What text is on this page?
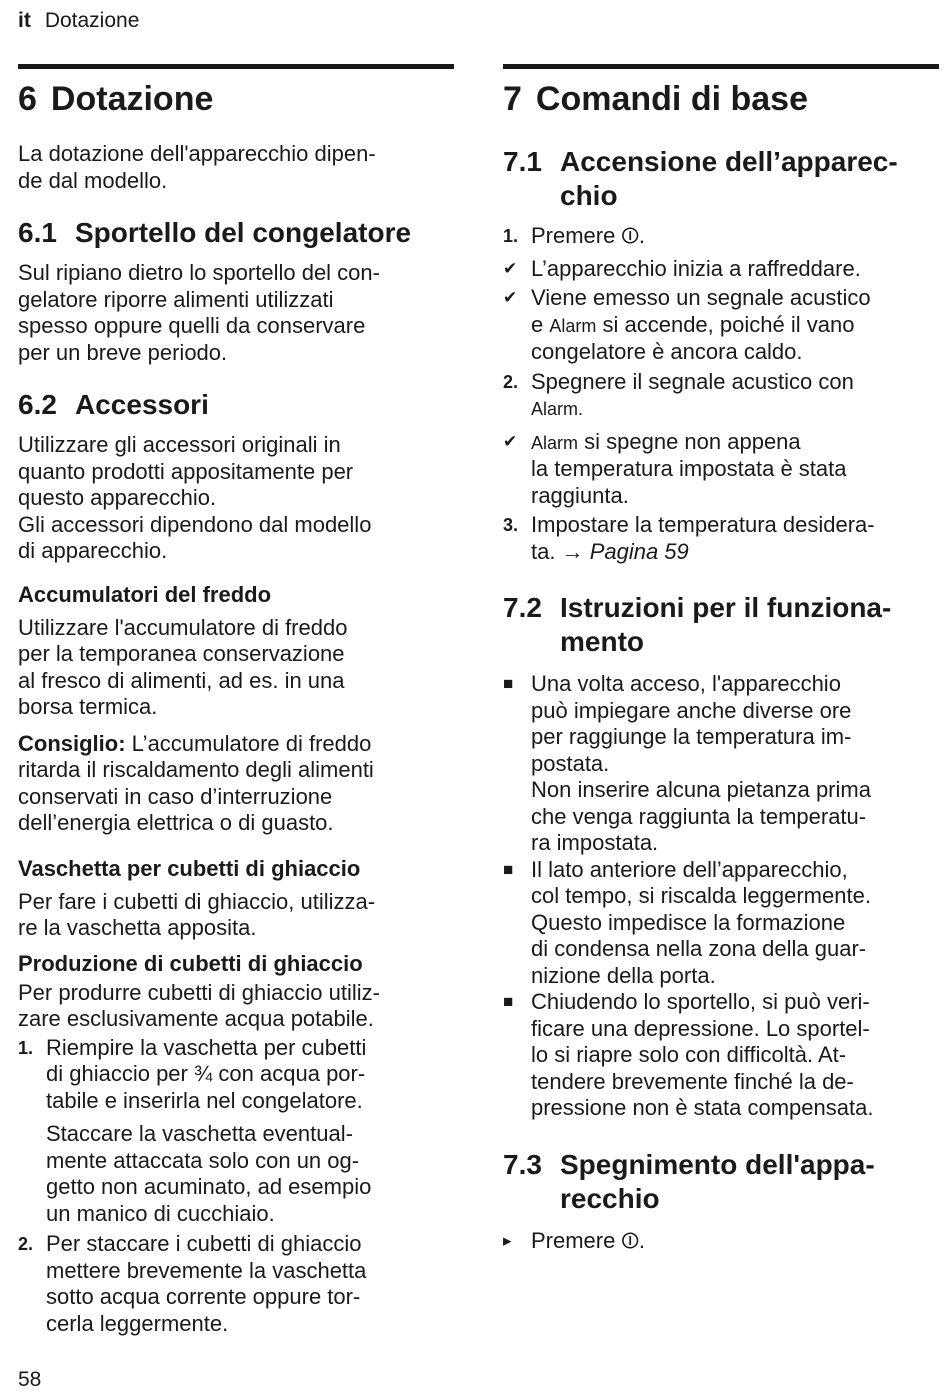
it Dotazione
6 Dotazione

La dotazione dell'apparecchio dipen-
de dal modello.

6.1 Sportello del congelatore

Sul ripiano dietro lo sportello del con-
gelatore riporre alimenti utilizzati
spesso oppure quelli da conservare
per un breve periodo.

6.2 Accessori

Utilizzare gli accessori originali in
quanto prodotti appositamente per
questo apparecchio.
Gli accessori dipendono dal modello
di apparecchio.

Accumulatori del freddo

Utilizzare l'accumulatore di freddo
per la temporanea conservazione
al fresco di alimenti, ad es. in una
borsa termica.

Consiglio: L’accumulatore di freddo
ritarda il riscaldamento degli alimenti
conservati in caso d’interruzione
dell’energia elettrica o di guasto.

Vaschetta per cubetti di ghiaccio

Per fare i cubetti di ghiaccio, utilizza-
re la vaschetta apposita.

Produzione di cubetti di ghiaccio

Per produrre cubetti di ghiaccio utiliz-
zare esclusivamente acqua potabile.

1. Riempire la vaschetta per cubetti
di ghiaccio per ¾ con acqua por-
tabile e inserirla nel congelatore.

Staccare la vaschetta eventual-
mente attaccata solo con un og-
getto non acuminato, ad esempio
un manico di cucchiaio.

2. Per staccare i cubetti di ghiaccio
mettere brevemente la vaschetta
sotto acqua corrente oppure tor-
cerla leggermente.
7 Comandi di base
7.1 Accensione dell’apparec-
chio
1. Premere ⏼.
✔ L’apparecchio inizia a raffreddare.
✔ Viene emesso un segnale acustico
e Alarm si accende, poiché il vano
congelatore è ancora caldo.
2. Spegnere il segnale acustico con
Alarm.
✔ Alarm si spegne non appena
la temperatura impostata è stata
raggiunta.
3. Impostare la temperatura desidera-
ta. → Pagina 59
7.2 Istruzioni per il funziona-
mento
■ Una volta acceso, l'apparecchio
può impiegare anche diverse ore
per raggiunge la temperatura im-
postata.
Non inserire alcuna pietanza prima
che venga raggiunta la temperatu-
ra impostata.
■ Il lato anteriore dell’apparecchio,
col tempo, si riscalda leggermente.
Questo impedisce la formazione
di condensa nella zona della guar-
nizione della porta.
■ Chiudendo lo sportello, si può veri-
ficare una depressione. Lo sportel-
lo si riapre solo con difficoltà. At-
tendere brevemente finché la de-
pressione non è stata compensata.
7.3 Spegnimento dell'appa-
recchio
▸ Premere ⏼.
58
